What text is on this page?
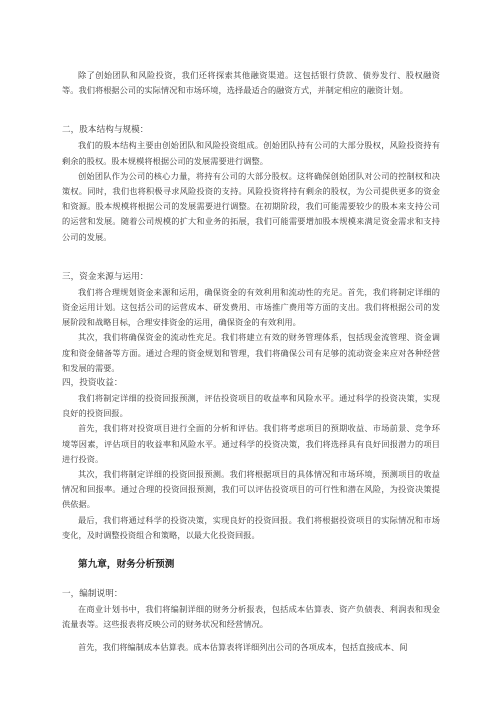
除了创始团队和风险投资，我们还将探索其他融资渠道。这包括银行贷款、债券发行、股权融资等。我们将根据公司的实际情况和市场环境，选择最适合的融资方式，并制定相应的融资计划。

二，股本结构与规模：

我们的股本结构主要由创始团队和风险投资组成。创始团队持有公司的大部分股权，风险投资持有剩余的股权。股本规模将根据公司的发展需要进行调整。

创始团队作为公司的核心力量，将持有公司的大部分股权。这将确保创始团队对公司的控制权和决策权。同时，我们也将积极寻求风险投资的支持。风险投资将持有剩余的股权，为公司提供更多的资金和资源。股本规模将根据公司的发展需要进行调整。在初期阶段，我们可能需要较少的股本来支持公司的运营和发展。随着公司规模的扩大和业务的拓展，我们可能需要增加股本规模来满足资金需求和支持公司的发展。

三，资金来源与运用：

我们将合理规划资金来源和运用，确保资金的有效利用和流动性的充足。首先，我们将制定详细的资金运用计划。这包括公司的运营成本、研发费用、市场推广费用等方面的支出。我们将根据公司的发展阶段和战略目标，合理安排资金的运用，确保资金的有效利用。

其次，我们将确保资金的流动性充足。我们将建立有效的财务管理体系，包括现金流管理、资金调度和资金储备等方面。通过合理的资金规划和管理，我们将确保公司有足够的流动资金来应对各种经营和发展的需要。

四，投资收益：

我们将制定详细的投资回报预测，评估投资项目的收益率和风险水平。通过科学的投资决策，实现良好的投资回报。

首先，我们将对投资项目进行全面的分析和评估。我们将考虑项目的预期收益、市场前景、竞争环境等因素，评估项目的收益率和风险水平。通过科学的投资决策，我们将选择具有良好回报潜力的项目进行投资。

其次，我们将制定详细的投资回报预测。我们将根据项目的具体情况和市场环境，预测项目的收益情况和回报率。通过合理的投资回报预测，我们可以评估投资项目的可行性和潜在风险，为投资决策提供依据。

最后，我们将通过科学的投资决策，实现良好的投资回报。我们将根据投资项目的实际情况和市场变化，及时调整投资组合和策略，以最大化投资回报。

第九章，财务分析预测

一，编制说明：

在商业计划书中，我们将编制详细的财务分析报表，包括成本估算表、资产负债表、利润表和现金流量表等。这些报表将反映公司的财务状况和经营情况。

首先，我们将编制成本估算表。成本估算表将详细列出公司的各项成本，包括直接成本、间
